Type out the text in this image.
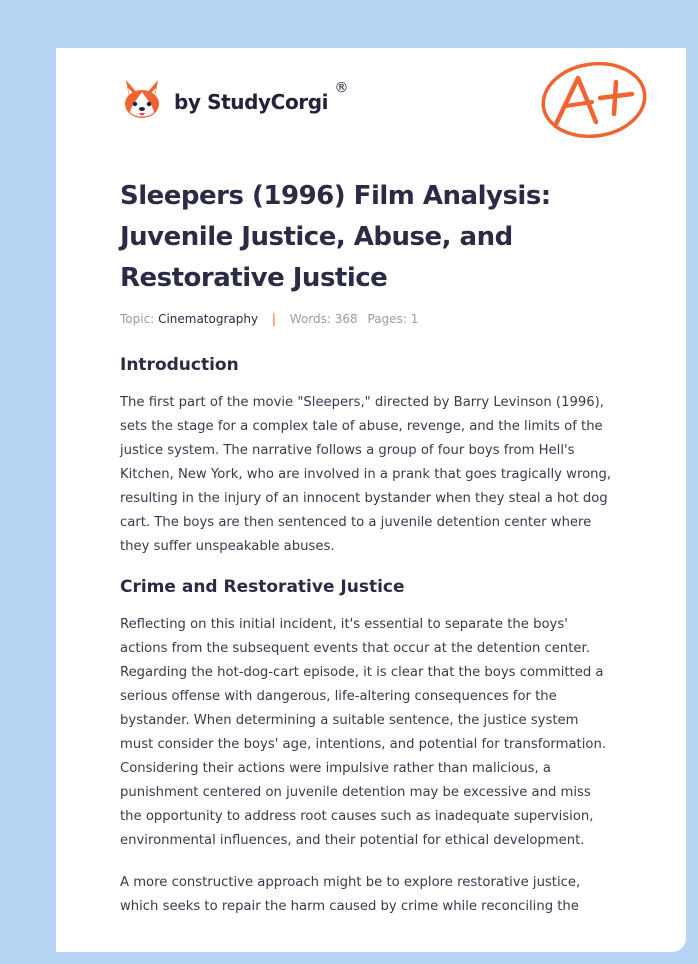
by StudyCorgi
®
Sleepers (1996) Film Analysis: Juvenile Justice, Abuse, and Restorative Justice
Topic: Cinematography | Words: 368 Pages: 1
Introduction

The first part of the movie "Sleepers," directed by Barry Levinson (1996),
sets the stage for a complex tale of abuse, revenge, and the limits of the
justice system. The narrative follows a group of four boys from Hell's
Kitchen, New York, who are involved in a prank that goes tragically wrong,
resulting in the injury of an innocent bystander when they steal a hot dog
cart. The boys are then sentenced to a juvenile detention center where
they suffer unspeakable abuses.

Crime and Restorative Justice

Reflecting on this initial incident, it's essential to separate the boys'
actions from the subsequent events that occur at the detention center.
Regarding the hot-dog-cart episode, it is clear that the boys committed a
serious offense with dangerous, life-altering consequences for the
bystander. When determining a suitable sentence, the justice system
must consider the boys' age, intentions, and potential for transformation.
Considering their actions were impulsive rather than malicious, a
punishment centered on juvenile detention may be excessive and miss
the opportunity to address root causes such as inadequate supervision,
environmental influences, and their potential for ethical development.

A more constructive approach might be to explore restorative justice,
which seeks to repair the harm caused by crime while reconciling the
